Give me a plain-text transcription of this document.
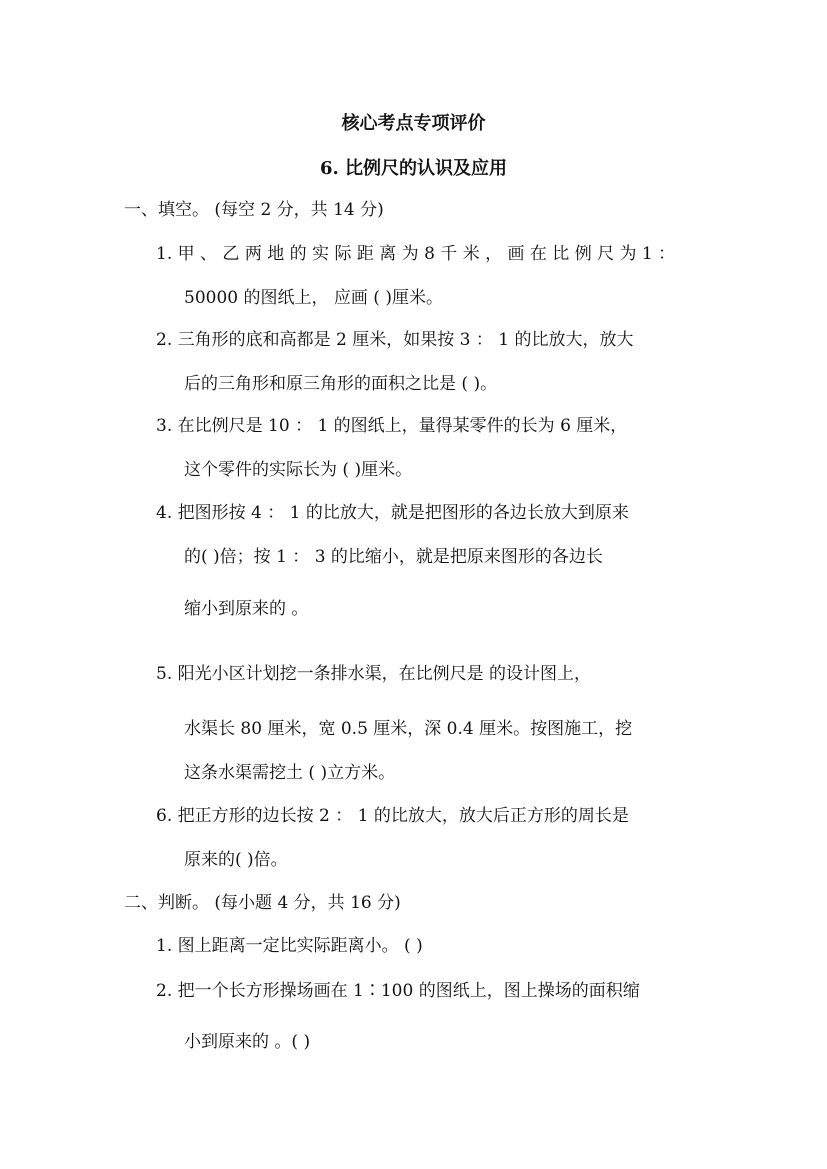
核心考点专项评价
6. 比例尺的认识及应用
一、填空。 (每空 2 分，共 14 分)
1. 甲 、 乙 两 地 的 实 际 距 离 为 8 千 米 ， 画 在 比 例 尺 为 1 ：
50000 的图纸上， 应画 ( )厘米。
2. 三角形的底和高都是 2 厘米，如果按 3 ： 1 的比放大，放大
后的三角形和原三角形的面积之比是 ( )。
3. 在比例尺是 10 ： 1 的图纸上，量得某零件的长为 6 厘米，
这个零件的实际长为 ( )厘米。
4. 把图形按 4 ： 1 的比放大，就是把图形的各边长放大到原来
的( )倍；按 1 ： 3 的比缩小，就是把原来图形的各边长
缩小到原来的 。
5. 阳光小区计划挖一条排水渠，在比例尺是 的设计图上，
水渠长 80 厘米，宽 0.5 厘米，深 0.4 厘米。按图施工，挖
这条水渠需挖土 ( )立方米。
6. 把正方形的边长按 2 ： 1 的比放大，放大后正方形的周长是
原来的( )倍。
二、判断。 (每小题 4 分，共 16 分)
1. 图上距离一定比实际距离小。 ( )
2. 把一个长方形操场画在 1∶100 的图纸上，图上操场的面积缩
小到原来的 。( )
